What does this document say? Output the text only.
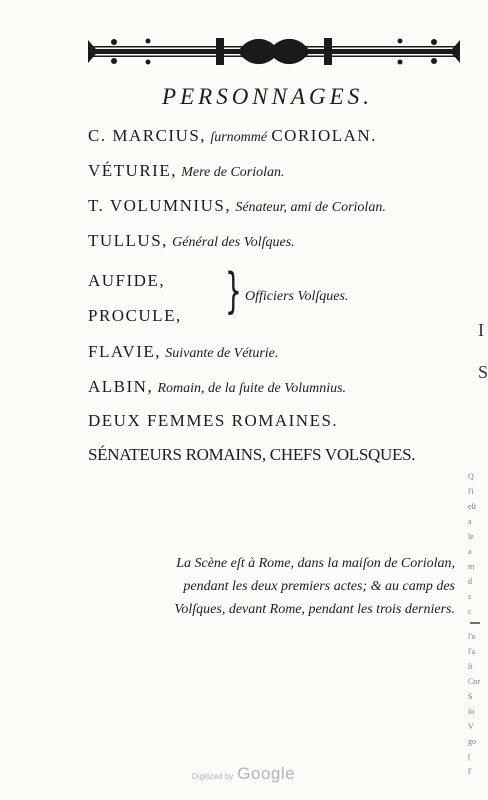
PERSONNAGES.
C. MARCIUS, ſurnommé CORIOLAN.
VÉTURIE, Mere de Coriolan.
T. VOLUMNIUS, Sénateur, ami de Coriolan.
TULLUS, Général des Volſques.
AUFIDE,
PROCULE, } Officiers Volſques.
FLAVIE, Suivante de Véturie.
ALBIN, Romain, de la ſuite de Volumnius.
DEUX FEMMES ROMAINES.
SÉNATEURS ROMAINS, CHEFS VOLSQUES.
La Scène eſt à Rome, dans la maiſon de Coriolan,
pendant les deux premiers actes; & au camp des
Volſques, devant Rome, pendant les trois derniers.
I
S
Q
l'i
eſt
a
le
a
m
d
s
c
l'o
l'a
ſt
Cor
S
ſo
V
go
(
l'
Digitized by Google
